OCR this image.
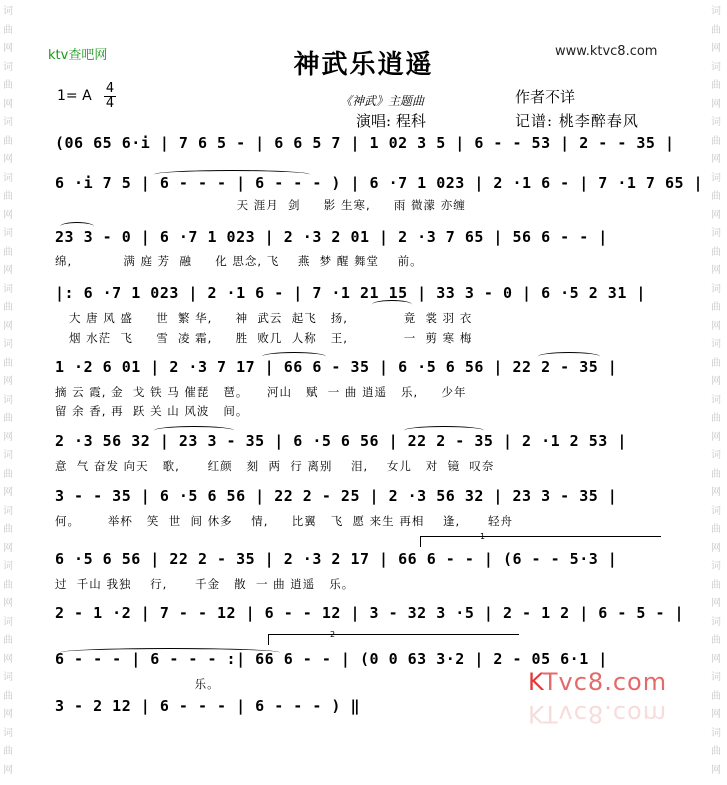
词
曲
网
词
曲
网
词
曲
网
词
曲
网
词
曲
网
词
曲
网
词
曲
网
词
曲
网
词
曲
网
词
曲
网
词
曲
网
词
曲
网
词
曲
网
词
曲
网
词
曲
网
词
曲
网
词
曲
网
词
曲
网
词
曲
网
词
曲
网
词
曲
网
词
曲
网
词
曲
网
词
曲
网
词
曲
网
词
曲
网
词
曲
网
词
曲
网
ktv查吧网	www.ktvc8.com
神武乐逍遥
1= A 4
4	《神武》主题曲	作者不详
演唱: 程科	记谱: 桃李醉春风
(06 65 6·i | 7 6 5 - | 6 6 5 7 | 1 02 3 5 | 6 - - 53 | 2 - - 35 |
6 ·i 7 5 | 6 - - - | 6 - - - ) | 6 ·7 1 023 | 2 ·1 6 - | 7 ·1 7 65 |
天 涯月  剑     影 生寒,     雨 微濛 亦缠
23 3 - 0 | 6 ·7 1 023 | 2 ·3 2 01 | 2 ·3 7 65 | 56 6 - - |
绵,           满 庭 芳  融     化 思念, 飞    燕  梦 醒 舞堂    前。
|: 6 ·7 1 023 | 2 ·1 6 - | 7 ·1 21 15 | 33 3 - 0 | 6 ·5 2 31 |
大 唐 风 盛     世  繁 华,     神  武云  起飞   扬,            竟  裳 羽 衣
烟 水茫  飞     雪  凌 霜,     胜  败几  人称   王,            一  剪 寒 梅
1 ·2 6 01 | 2 ·3 7 17 | 66 6 - 35 | 6 ·5 6 56 | 22 2 - 35 |
摘 云 霞, 金  戈 铁 马 催琵   琶。    河山   赋  一 曲 逍遥   乐,     少年
留 余 香, 再  跃 关 山 风波   间。
2 ·3 56 32 | 23 3 - 35 | 6 ·5 6 56 | 22 2 - 35 | 2 ·1 2 53 |
意  气 奋发 向天   歌,      红颜   刻  两  行 离别    泪,    女儿   对  镜  叹奈
3 - - 35 | 6 ·5 6 56 | 22 2 - 25 | 2 ·3 56 32 | 23 3 - 35 |
何。      举杯   笑  世  间 休多    情,     比翼   飞  愿 来生 再相    逢,      轻舟
6 ·5 6 56 | 22 2 - 35 | 2 ·3 2 17 | 66 6 - - | (6 - - 5·3 |
过  千山 我独    行,      千金   散  一 曲 逍遥   乐。
2 - 1 ·2 | 7 - - 12 | 6 - - 12 | 3 - 32 3 ·5 | 2 - 1 2 | 6 - 5 - |
6 - - - | 6 - - - :| 66 6 - - | (0 0 63 3·2 | 2 - 05 6·1 |
乐。
3 - 2 12 | 6 - - - | 6 - - - ) ‖
1
2
KTvc8.com
KTvc8.com
